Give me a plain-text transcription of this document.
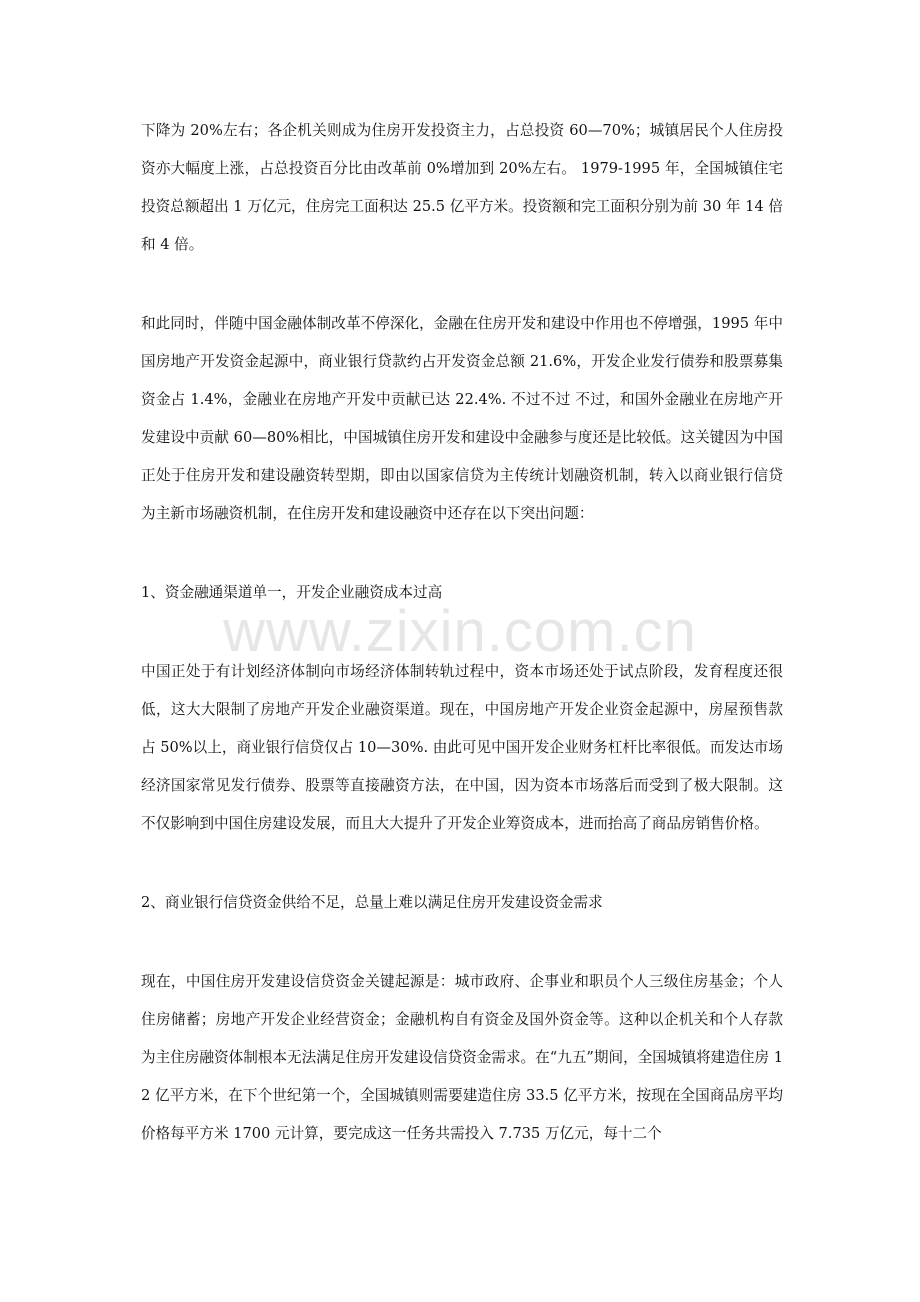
www.zixin.com.cn

下降为 20%左右；各企机关则成为住房开发投资主力，占总投资 60—70%；城镇居民个人住房投资亦大幅度上涨，占总投资百分比由改革前 0%增加到 20%左右。 1979-1995 年，全国城镇住宅投资总额超出 1 万亿元，住房完工面积达 25.5 亿平方米。投资额和完工面积分别为前 30 年 14 倍和 4 倍。

和此同时，伴随中国金融体制改革不停深化，金融在住房开发和建设中作用也不停增强，1995 年中国房地产开发资金起源中，商业银行贷款约占开发资金总额 21.6%，开发企业发行债券和股票募集资金占 1.4%，金融业在房地产开发中贡献已达 22.4%. 不过不过 不过，和国外金融业在房地产开发建设中贡献 60—80%相比，中国城镇住房开发和建设中金融参与度还是比较低。这关键因为中国正处于住房开发和建设融资转型期，即由以国家信贷为主传统计划融资机制，转入以商业银行信贷为主新市场融资机制，在住房开发和建设融资中还存在以下突出问题：

1、资金融通渠道单一，开发企业融资成本过高

中国正处于有计划经济体制向市场经济体制转轨过程中，资本市场还处于试点阶段，发育程度还很低，这大大限制了房地产开发企业融资渠道。现在，中国房地产开发企业资金起源中，房屋预售款占 50%以上，商业银行信贷仅占 10—30%. 由此可见中国开发企业财务杠杆比率很低。而发达市场经济国家常见发行债券、股票等直接融资方法，在中国，因为资本市场落后而受到了极大限制。这不仅影响到中国住房建设发展，而且大大提升了开发企业筹资成本，进而抬高了商品房销售价格。

2、商业银行信贷资金供给不足，总量上难以满足住房开发建设资金需求

现在，中国住房开发建设信贷资金关键起源是：城市政府、企事业和职员个人三级住房基金；个人住房储蓄；房地产开发企业经营资金；金融机构自有资金及国外资金等。这种以企机关和个人存款为主住房融资体制根本无法满足住房开发建设信贷资金需求。在“九五”期间，全国城镇将建造住房 12 亿平方米，在下个世纪第一个，全国城镇则需要建造住房 33.5 亿平方米，按现在全国商品房平均价格每平方米 1700 元计算，要完成这一任务共需投入 7.735 万亿元，每十二个
